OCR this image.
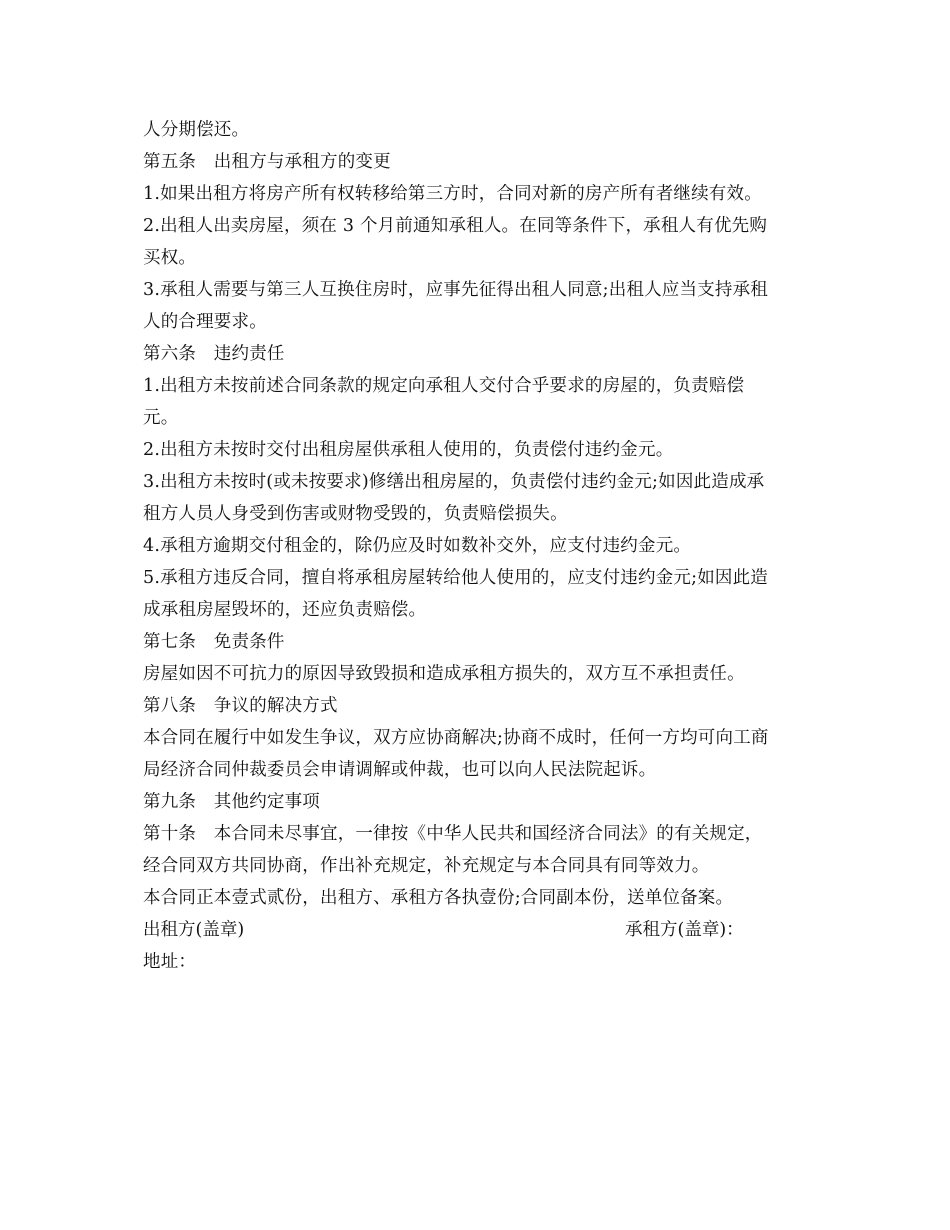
人分期偿还。

第五条　出租方与承租方的变更

1.如果出租方将房产所有权转移给第三方时，合同对新的房产所有者继续有效。

2.出租人出卖房屋，须在 3 个月前通知承租人。在同等条件下，承租人有优先购

买权。

3.承租人需要与第三人互换住房时，应事先征得出租人同意;出租人应当支持承租

人的合理要求。

第六条　违约责任

1.出租方未按前述合同条款的规定向承租人交付合乎要求的房屋的，负责赔偿

元。

2.出租方未按时交付出租房屋供承租人使用的，负责偿付违约金元。

3.出租方未按时(或未按要求)修缮出租房屋的，负责偿付违约金元;如因此造成承

租方人员人身受到伤害或财物受毁的，负责赔偿损失。

4.承租方逾期交付租金的，除仍应及时如数补交外，应支付违约金元。

5.承租方违反合同，擅自将承租房屋转给他人使用的，应支付违约金元;如因此造

成承租房屋毁坏的，还应负责赔偿。

第七条　免责条件

房屋如因不可抗力的原因导致毁损和造成承租方损失的，双方互不承担责任。

第八条　争议的解决方式

本合同在履行中如发生争议，双方应协商解决;协商不成时，任何一方均可向工商

局经济合同仲裁委员会申请调解或仲裁，也可以向人民法院起诉。

第九条　其他约定事项

第十条　本合同未尽事宜，一律按《中华人民共和国经济合同法》的有关规定，

经合同双方共同协商，作出补充规定，补充规定与本合同具有同等效力。

本合同正本壹式贰份，出租方、承租方各执壹份;合同副本份，送单位备案。

出租方(盖章)	承租方(盖章)：

地址：
